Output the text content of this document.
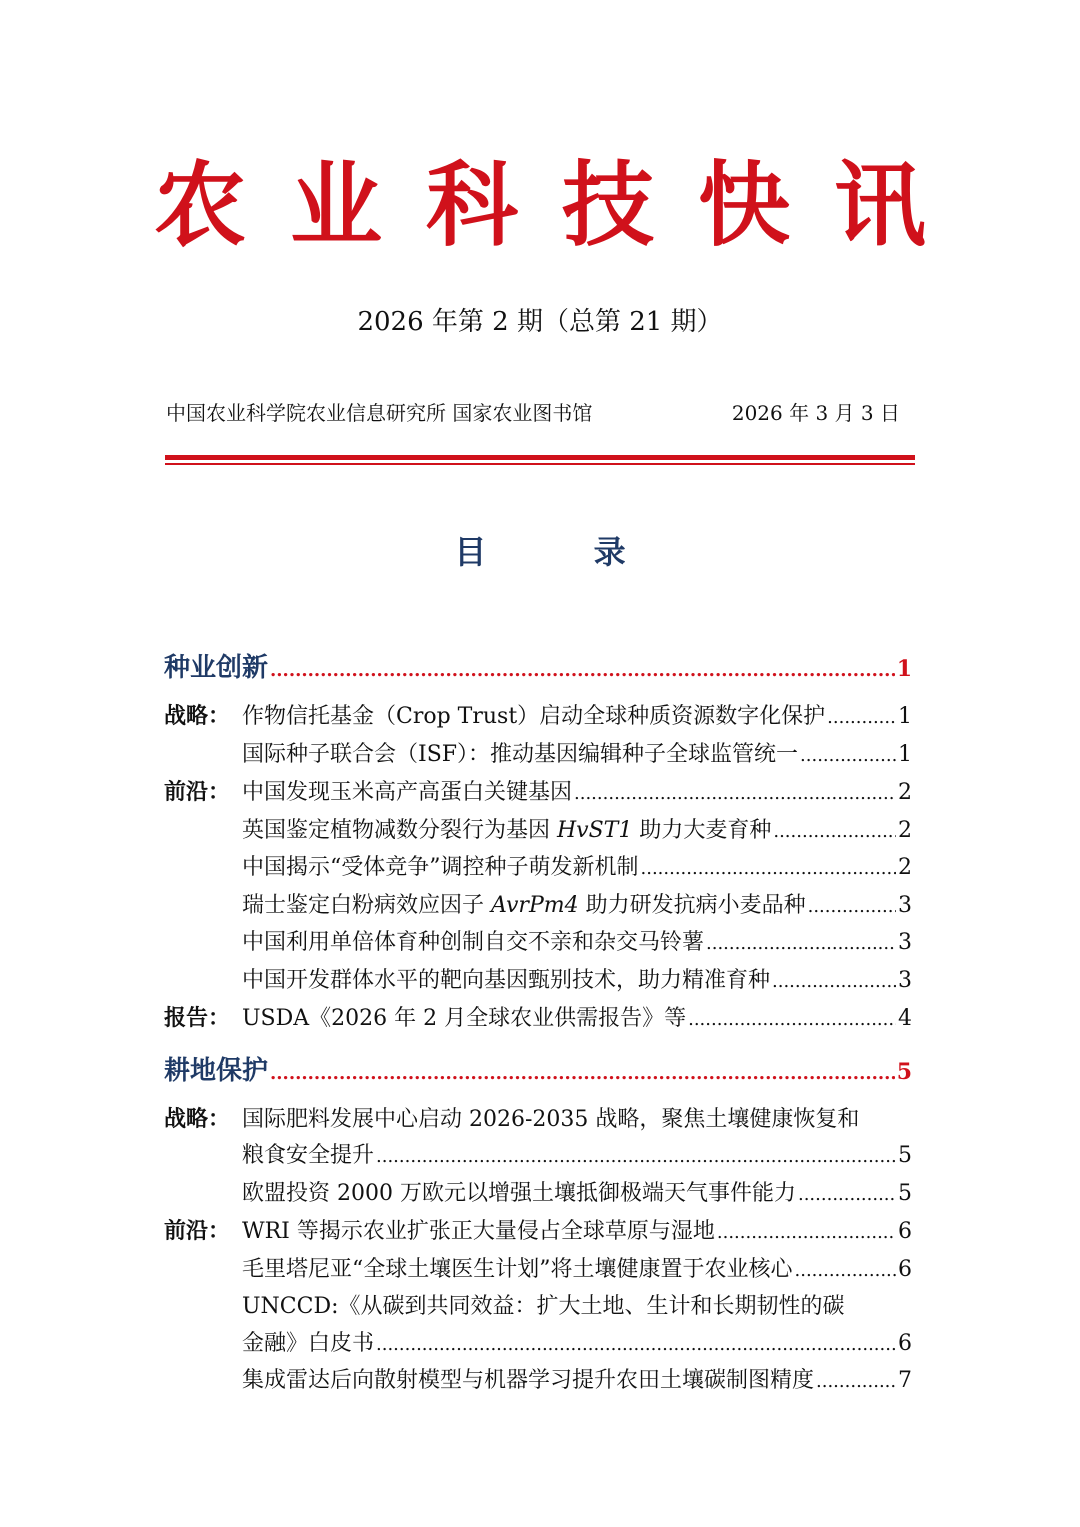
农业科技快讯
2026 年第 2 期（总第 21 期）
中国农业科学院农业信息研究所 国家农业图书馆	2026 年 3 月 3 日
目 录
种业创新 .....	1
战略： 作物信托基金（Crop Trust）启动全球种质资源数字化保护 .....	1
国际种子联合会（ISF）：推动基因编辑种子全球监管统一 .....	1
前沿： 中国发现玉米高产高蛋白关键基因 .....	2
英国鉴定植物减数分裂行为基因 HvST1 助力大麦育种 .....	2
中国揭示“受体竞争”调控种子萌发新机制 .....	2
瑞士鉴定白粉病效应因子 AvrPm4 助力研发抗病小麦品种 .....	3
中国利用单倍体育种创制自交不亲和杂交马铃薯 .....	3
中国开发群体水平的靶向基因甄别技术，助力精准育种 .....	3
报告： USDA《2026 年 2 月全球农业供需报告》等 .....	4
耕地保护 .....	5
战略： 国际肥料发展中心启动 2026-2035 战略，聚焦土壤健康恢复和
粮食安全提升 .....	5
欧盟投资 2000 万欧元以增强土壤抵御极端天气事件能力 .....	5
前沿： WRI 等揭示农业扩张正大量侵占全球草原与湿地 .....	6
毛里塔尼亚“全球土壤医生计划”将土壤健康置于农业核心 .....	6
UNCCD:《从碳到共同效益：扩大土地、生计和长期韧性的碳
金融》白皮书 .....	6
集成雷达后向散射模型与机器学习提升农田土壤碳制图精度 .....	7
